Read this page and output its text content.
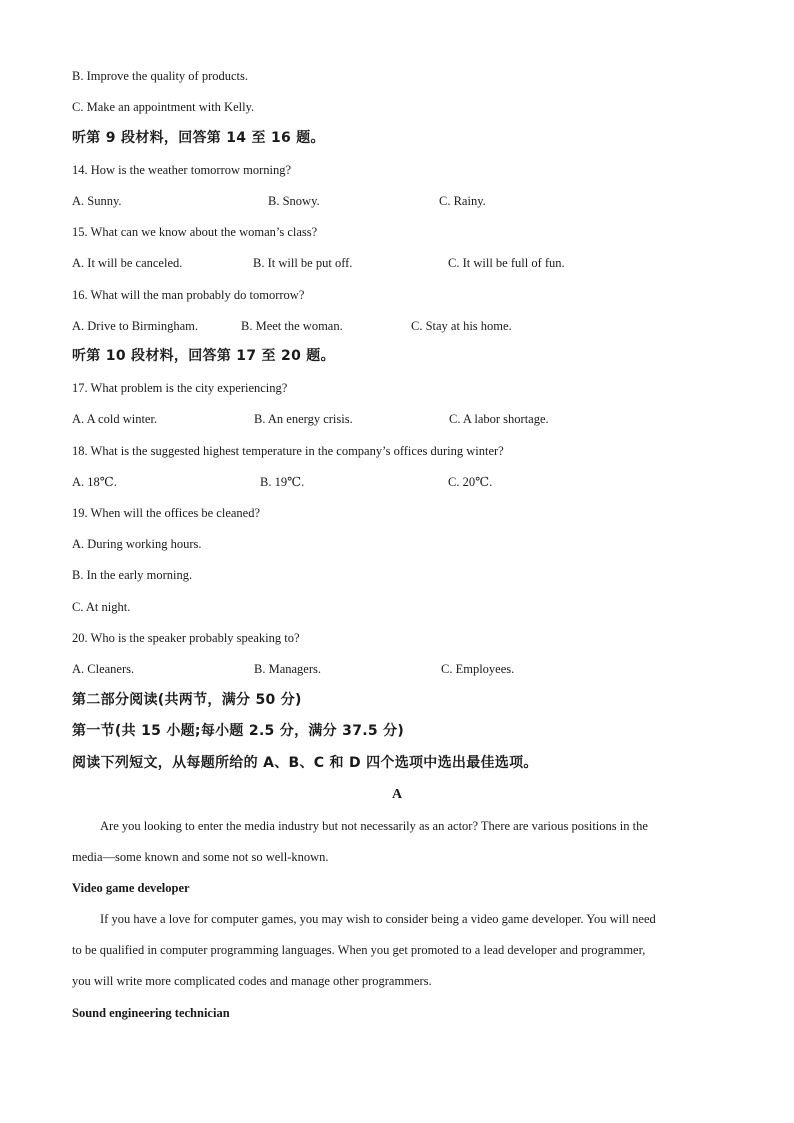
B. Improve the quality of products.
C. Make an appointment with Kelly.
听第 9 段材料，回答第 14 至 16 题。
14. How is the weather tomorrow morning?
A. Sunny.	B. Snowy.	C. Rainy.
15. What can we know about the woman’s class?
A. It will be canceled.	B. It will be put off.	C. It will be full of fun.
16. What will the man probably do tomorrow?
A. Drive to Birmingham.	B. Meet the woman.	C. Stay at his home.
听第 10 段材料，回答第 17 至 20 题。
17. What problem is the city experiencing?
A. A cold winter.	B. An energy crisis.	C. A labor shortage.
18. What is the suggested highest temperature in the company’s offices during winter?
A. 18℃.	B. 19℃.	C. 20℃.
19. When will the offices be cleaned?
A. During working hours.
B. In the early morning.
C. At night.
20. Who is the speaker probably speaking to?
A. Cleaners.	B. Managers.	C. Employees.
第二部分阅读(共两节，满分 50 分)
第一节(共 15 小题;每小题 2.5 分，满分 37.5 分)
阅读下列短文，从每题所给的 A、B、C 和 D 四个选项中选出最佳选项。
A
Are you looking to enter the media industry but not necessarily as an actor? There are various positions in the
media—some known and some not so well-known.
Video game developer
If you have a love for computer games, you may wish to consider being a video game developer. You will need
to be qualified in computer programming languages. When you get promoted to a lead developer and programmer,
you will write more complicated codes and manage other programmers.
Sound engineering technician
